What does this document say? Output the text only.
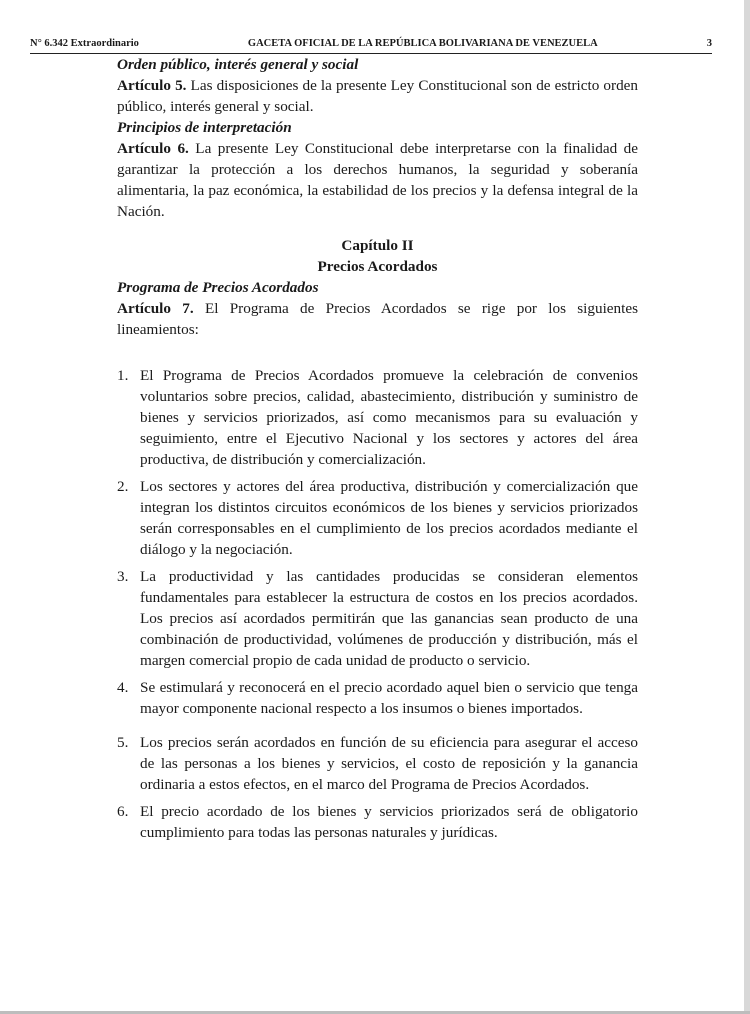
N° 6.342 Extraordinario	GACETA OFICIAL DE LA REPÚBLICA BOLIVARIANA DE VENEZUELA	3

Orden público, interés general y social

Artículo 5. Las disposiciones de la presente Ley Constitucional son de estricto orden público, interés general y social.

Principios de interpretación

Artículo 6. La presente Ley Constitucional debe interpretarse con la finalidad de garantizar la protección a los derechos humanos, la seguridad y soberanía alimentaria, la paz económica, la estabilidad de los precios y la defensa integral de la Nación.

Capítulo II
Precios Acordados

Programa de Precios Acordados

Artículo 7. El Programa de Precios Acordados se rige por los siguientes lineamientos:

1. El Programa de Precios Acordados promueve la celebración de convenios voluntarios sobre precios, calidad, abastecimiento, distribución y suministro de bienes y servicios priorizados, así como mecanismos para su evaluación y seguimiento, entre el Ejecutivo Nacional y los sectores y actores del área productiva, de distribución y comercialización.
2. Los sectores y actores del área productiva, distribución y comercialización que integran los distintos circuitos económicos de los bienes y servicios priorizados serán corresponsables en el cumplimiento de los precios acordados mediante el diálogo y la negociación.
3. La productividad y las cantidades producidas se consideran elementos fundamentales para establecer la estructura de costos en los precios acordados. Los precios así acordados permitirán que las ganancias sean producto de una combinación de productividad, volúmenes de producción y distribución, más el margen comercial propio de cada unidad de producto o servicio.
4. Se estimulará y reconocerá en el precio acordado aquel bien o servicio que tenga mayor componente nacional respecto a los insumos o bienes importados.
5. Los precios serán acordados en función de su eficiencia para asegurar el acceso de las personas a los bienes y servicios, el costo de reposición y la ganancia ordinaria a estos efectos, en el marco del Programa de Precios Acordados.
6. El precio acordado de los bienes y servicios priorizados será de obligatorio cumplimiento para todas las personas naturales y jurídicas.
